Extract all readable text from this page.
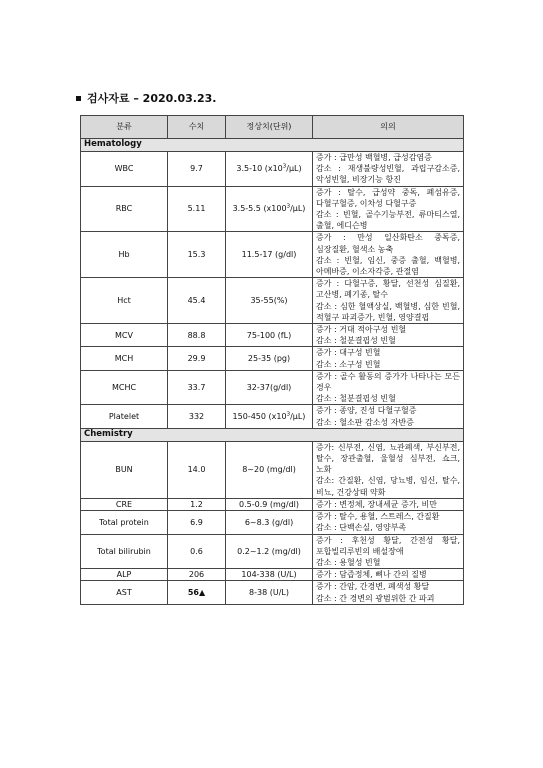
검사자료 – 2020.03.23.
분류	수치	정상치(단위)	의의
Hematology			
WBC	9.7	3.5-10 $(x10^3/\mu L)$	증가 : 급만성 백혈병, 급성감염증
감소 : 재생불량성빈혈, 과립구감소증, 악성빈혈, 비장기능 항진

RBC	5.11	3.5-5.5 $(x100^3/\mu L)$	증가 : 탈수, 급성약 중독, 폐섬유증, 다혈구혈증, 이차성 다혈구증
감소 : 빈혈, 골수기능부전, 류마티스열, 출혈, 에디슨병

Hb	15.3	11.5-17 (g/dl)	증가 : 만성 일산화탄소 중독증, 심장질환, 혈색소 농축
감소 : 빈혈, 임신, 중증 출혈, 백혈병, 아메바증, 이소자각증, 관절염

Hct	45.4	35-55(%)	증가 : 다혈구증, 황달, 선천성 심질환, 고산병, 폐기종, 탈수
감소 : 심한 혈액상실, 백혈병, 심한 빈혈, 적혈구 파괴증가, 빈혈, 영양결핍

MCV	88.8	75-100 (fL)	증가 : 거대 적아구성 빈혈
감소 : 철분결핍성 빈혈

MCH	29.9	25-35 (pg)	증가 : 대구성 빈혈
감소 : 소구성 빈혈

MCHC	33.7	32-37(g/dl)	증가 : 골수 활동의 증가가 나타나는 모든 경우
감소 : 철분결핍성 빈혈

Platelet	332	150-450 $(x10^3/\mu L)$	증가 : 종양, 진성 다혈구혈증
감소 : 혈소판 감소성 자반증

Chemistry			
BUN	14.0	8~20 (mg/dl)	증가: 신부전, 신염, 뇨관폐색, 부신부전, 탈수, 장관출혈, 울혈성 심부전, 쇼크, 노화
감소: 간질환, 신염, 당뇨병, 임신, 탈수, 비뇨, 건강상태 약화

CRE	1.2	0.5-0.9 (mg/dl)	증가 : 변정체, 장내세균 증가, 비만

Total protein	6.9	6~8.3 (g/dl)	증가 : 탈수, 용혈, 스트레스, 간질환
감소 : 단백손실, 영양부족

Total bilirubin	0.6	0.2~1.2 (mg/dl)	증가 : 후천성 황달, 간전성 황달, 포합빌리루빈의 배설장애
감소 : 용혈성 빈혈

ALP	206	104-338 (U/L)	증가 : 담즙정체, 뼈나 간의 질병

AST	56▲	8-38 (U/L)	증가 : 간암, 간경변, 폐색성 황달
감소 : 간 경변의 광범위한 간 파괴
